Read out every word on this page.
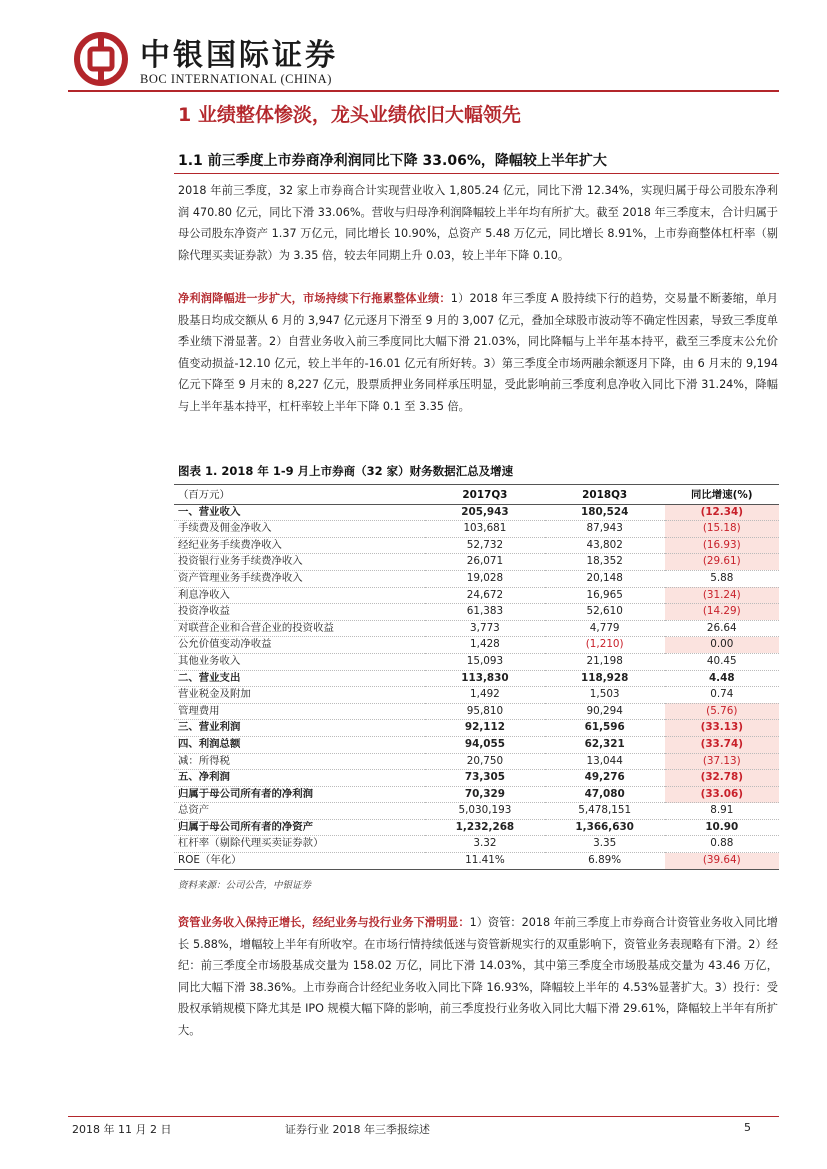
中银国际证券
BOC INTERNATIONAL (CHINA)
1 业绩整体惨淡，龙头业绩依旧大幅领先
1.1 前三季度上市券商净利润同比下降 33.06%，降幅较上半年扩大
2018 年前三季度，32 家上市券商合计实现营业收入 1,805.24 亿元，同比下滑 12.34%，实现归属于母公司股东净利润 470.80 亿元，同比下滑 33.06%。营收与归母净利润降幅较上半年均有所扩大。截至 2018 年三季度末，合计归属于母公司股东净资产 1.37 万亿元，同比增长 10.90%，总资产 5.48 万亿元，同比增长 8.91%，上市券商整体杠杆率（剔除代理买卖证券款）为 3.35 倍，较去年同期上升 0.03，较上半年下降 0.10。
净利润降幅进一步扩大，市场持续下行拖累整体业绩：1）2018 年三季度 A 股持续下行的趋势，交易量不断萎缩，单月股基日均成交额从 6 月的 3,947 亿元逐月下滑至 9 月的 3,007 亿元，叠加全球股市波动等不确定性因素，导致三季度单季业绩下滑显著。2）自营业务收入前三季度同比大幅下滑 21.03%，同比降幅与上半年基本持平，截至三季度末公允价值变动损益-12.10 亿元，较上半年的-16.01 亿元有所好转。3）第三季度全市场两融余额逐月下降，由 6 月末的 9,194 亿元下降至 9 月末的 8,227 亿元，股票质押业务同样承压明显，受此影响前三季度利息净收入同比下滑 31.24%，降幅与上半年基本持平，杠杆率较上半年下降 0.1 至 3.35 倍。
图表 1. 2018 年 1-9 月上市券商（32 家）财务数据汇总及增速
（百万元）	2017Q3	2018Q3	同比增速(%)
一、营业收入	205,943	180,524	(12.34)
手续费及佣金净收入	103,681	87,943	(15.18)
经纪业务手续费净收入	52,732	43,802	(16.93)
投资银行业务手续费净收入	26,071	18,352	(29.61)
资产管理业务手续费净收入	19,028	20,148	5.88
利息净收入	24,672	16,965	(31.24)
投资净收益	61,383	52,610	(14.29)
对联营企业和合营企业的投资收益	3,773	4,779	26.64
公允价值变动净收益	1,428	(1,210)	0.00
其他业务收入	15,093	21,198	40.45
二、营业支出	113,830	118,928	4.48
营业税金及附加	1,492	1,503	0.74
管理费用	95,810	90,294	(5.76)
三、营业利润	92,112	61,596	(33.13)
四、利润总额	94,055	62,321	(33.74)
减：所得税	20,750	13,044	(37.13)
五、净利润	73,305	49,276	(32.78)
归属于母公司所有者的净利润	70,329	47,080	(33.06)
总资产	5,030,193	5,478,151	8.91
归属于母公司所有者的净资产	1,232,268	1,366,630	10.90
杠杆率（剔除代理买卖证券款）	3.32	3.35	0.88
ROE（年化）	11.41%	6.89%	(39.64)
资料来源：公司公告，中银证券
资管业务收入保持正增长，经纪业务与投行业务下滑明显：1）资管：2018 年前三季度上市券商合计资管业务收入同比增长 5.88%，增幅较上半年有所收窄。在市场行情持续低迷与资管新规实行的双重影响下，资管业务表现略有下滑。2）经纪：前三季度全市场股基成交量为 158.02 万亿，同比下滑 14.03%，其中第三季度全市场股基成交量为 43.46 万亿，同比大幅下滑 38.36%。上市券商合计经纪业务收入同比下降 16.93%，降幅较上半年的 4.53%显著扩大。3）投行：受股权承销规模下降尤其是 IPO 规模大幅下降的影响，前三季度投行业务收入同比大幅下滑 29.61%，降幅较上半年有所扩大。
2018 年 11 月 2 日	证券行业 2018 年三季报综述	5
